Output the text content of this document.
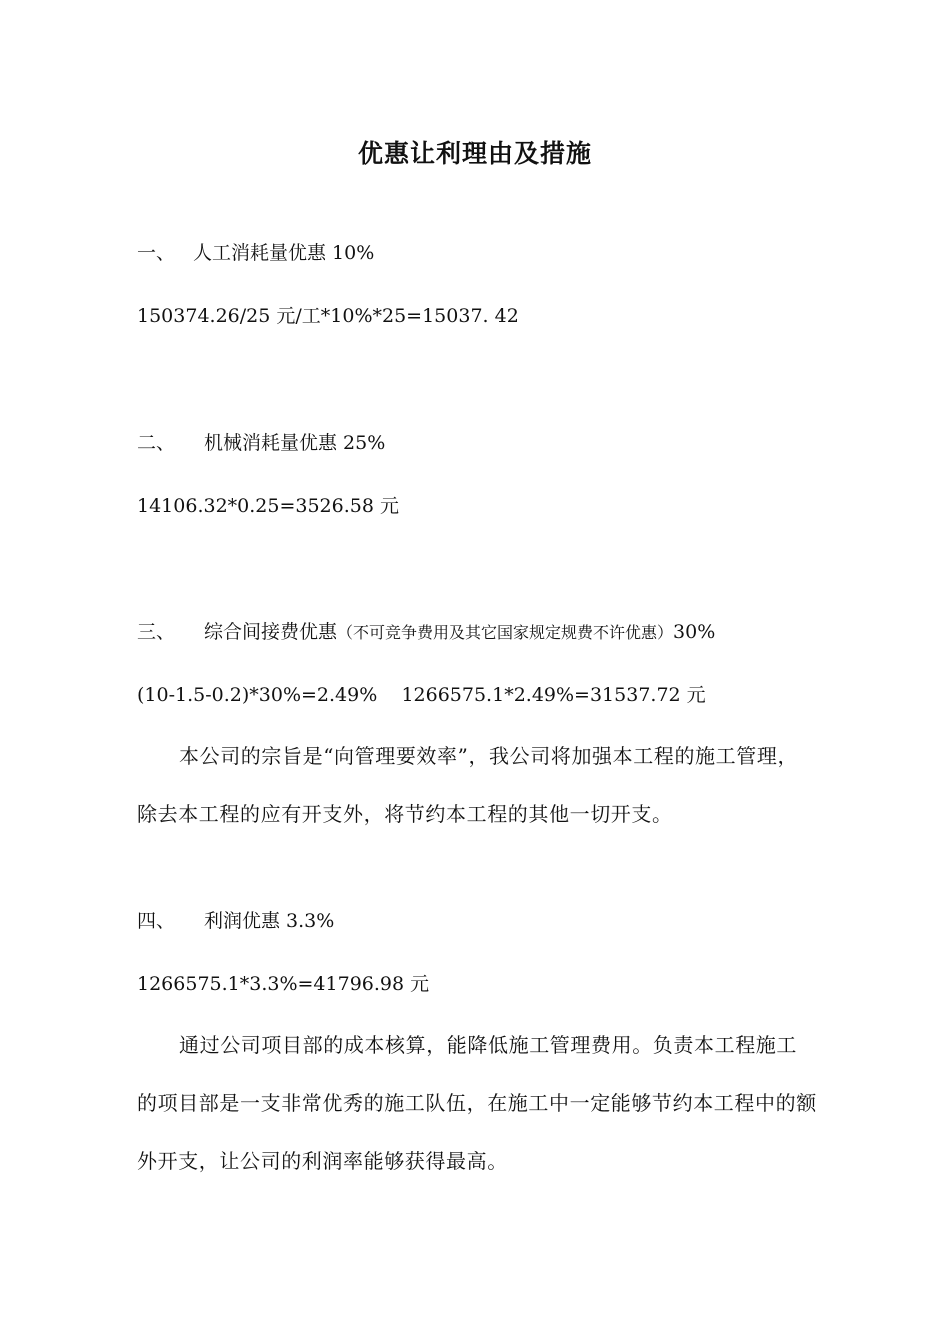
优惠让利理由及措施
一、 人工消耗量优惠 10%
150374.26/25 元/工*10%*25=15037. 42
二、 机械消耗量优惠 25%
14106.32*0.25=3526.58 元
三、 综合间接费优惠（不可竞争费用及其它国家规定规费不许优惠）30%
(10-1.5-0.2)*30%=2.49%    1266575.1*2.49%=31537.72 元
本公司的宗旨是“向管理要效率”，我公司将加强本工程的施工管理，除去本工程的应有开支外，将节约本工程的其他一切开支。
四、 利润优惠 3.3%
1266575.1*3.3%=41796.98 元
通过公司项目部的成本核算，能降低施工管理费用。负责本工程施工的项目部是一支非常优秀的施工队伍，在施工中一定能够节约本工程中的额外开支，让公司的利润率能够获得最高。
